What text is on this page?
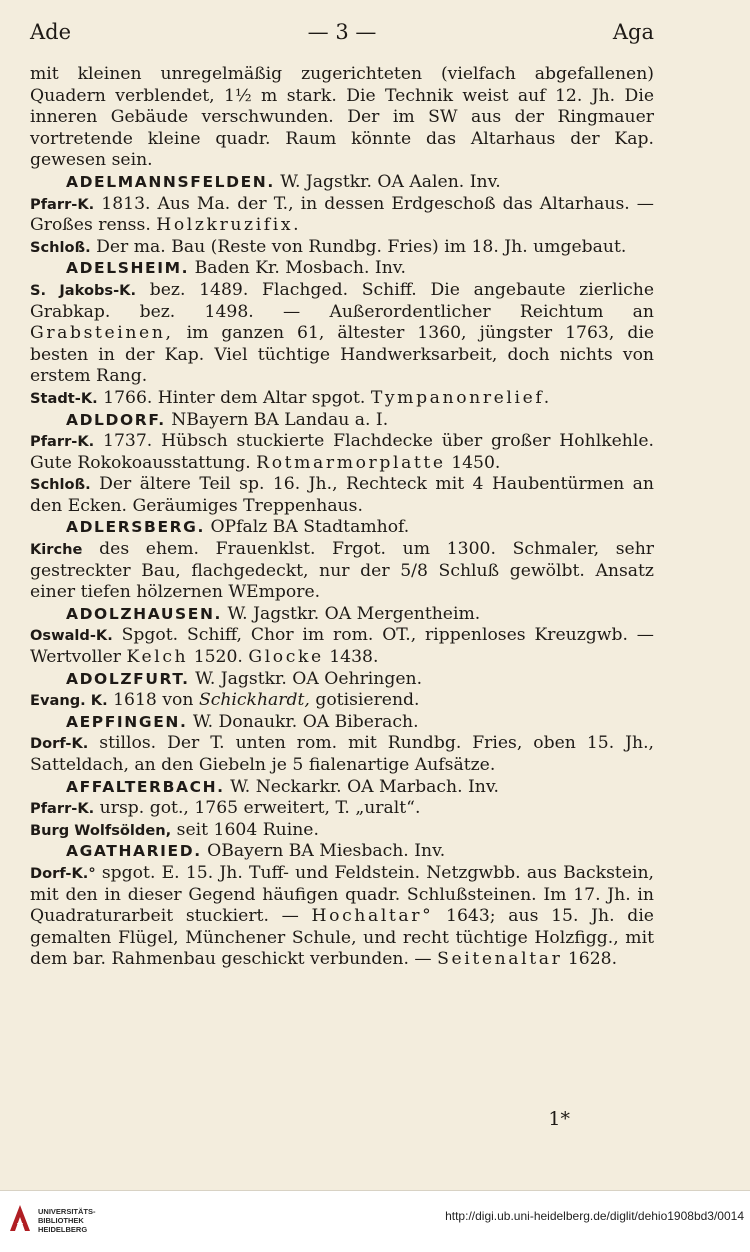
Ade	— 3 —	Aga

mit kleinen unregelmäßig zugerichteten (vielfach abgefallenen) Quadern verblendet, 1½ m stark. Die Technik weist auf 12. Jh. Die inneren Gebäude verschwunden. Der im SW aus der Ringmauer vortretende kleine quadr. Raum könnte das Altarhaus der Kap. gewesen sein.

ADELMANNSFELDEN. W. Jagstkr. OA Aalen. Inv.

Pfarr-K. 1813. Aus Ma. der T., in dessen Erdgeschoß das Altarhaus. — Großes renss. Holzkruzifix.

Schloß. Der ma. Bau (Reste von Rundbg. Fries) im 18. Jh. umgebaut.

ADELSHEIM. Baden Kr. Mosbach. Inv.

S. Jakobs-K. bez. 1489. Flachged. Schiff. Die angebaute zierliche Grabkap. bez. 1498. — Außerordentlicher Reichtum an Grabsteinen, im ganzen 61, ältester 1360, jüngster 1763, die besten in der Kap. Viel tüchtige Handwerksarbeit, doch nichts von erstem Rang.

Stadt-K. 1766. Hinter dem Altar spgot. Tympanonrelief.

ADLDORF. NBayern BA Landau a. I.

Pfarr-K. 1737. Hübsch stuckierte Flachdecke über großer Hohlkehle. Gute Rokokoausstattung. Rotmarmorplatte 1450.

Schloß. Der ältere Teil sp. 16. Jh., Rechteck mit 4 Haubentürmen an den Ecken. Geräumiges Treppenhaus.

ADLERSBERG. OPfalz BA Stadtamhof.

Kirche des ehem. Frauenklst. Frgot. um 1300. Schmaler, sehr gestreckter Bau, flachgedeckt, nur der 5/8 Schluß gewölbt. Ansatz einer tiefen hölzernen WEmpore.

ADOLZHAUSEN. W. Jagstkr. OA Mergentheim.

Oswald-K. Spgot. Schiff, Chor im rom. OT., rippenloses Kreuzgwb. — Wertvoller Kelch 1520. Glocke 1438.

ADOLZFURT. W. Jagstkr. OA Oehringen.

Evang. K. 1618 von Schickhardt, gotisierend.

AEPFINGEN. W. Donaukr. OA Biberach.

Dorf-K. stillos. Der T. unten rom. mit Rundbg. Fries, oben 15. Jh., Satteldach, an den Giebeln je 5 fialenartige Aufsätze.

AFFALTERBACH. W. Neckarkr. OA Marbach. Inv.

Pfarr-K. ursp. got., 1765 erweitert, T. „uralt“.

Burg Wolfsölden, seit 1604 Ruine.

AGATHARIED. OBayern BA Miesbach. Inv.

Dorf-K.° spgot. E. 15. Jh. Tuff- und Feldstein. Netzgwbb. aus Backstein, mit den in dieser Gegend häufigen quadr. Schlußsteinen. Im 17. Jh. in Quadraturarbeit stuckiert. — Hochaltar° 1643; aus 15. Jh. die gemalten Flügel, Münchener Schule, und recht tüchtige Holzfigg., mit dem bar. Rahmenbau geschickt verbunden. — Seitenaltar 1628.

1*
UNIVERSITÄTS-
BIBLIOTHEK
HEIDELBERG
http://digi.ub.uni-heidelberg.de/diglit/dehio1908bd3/0014
